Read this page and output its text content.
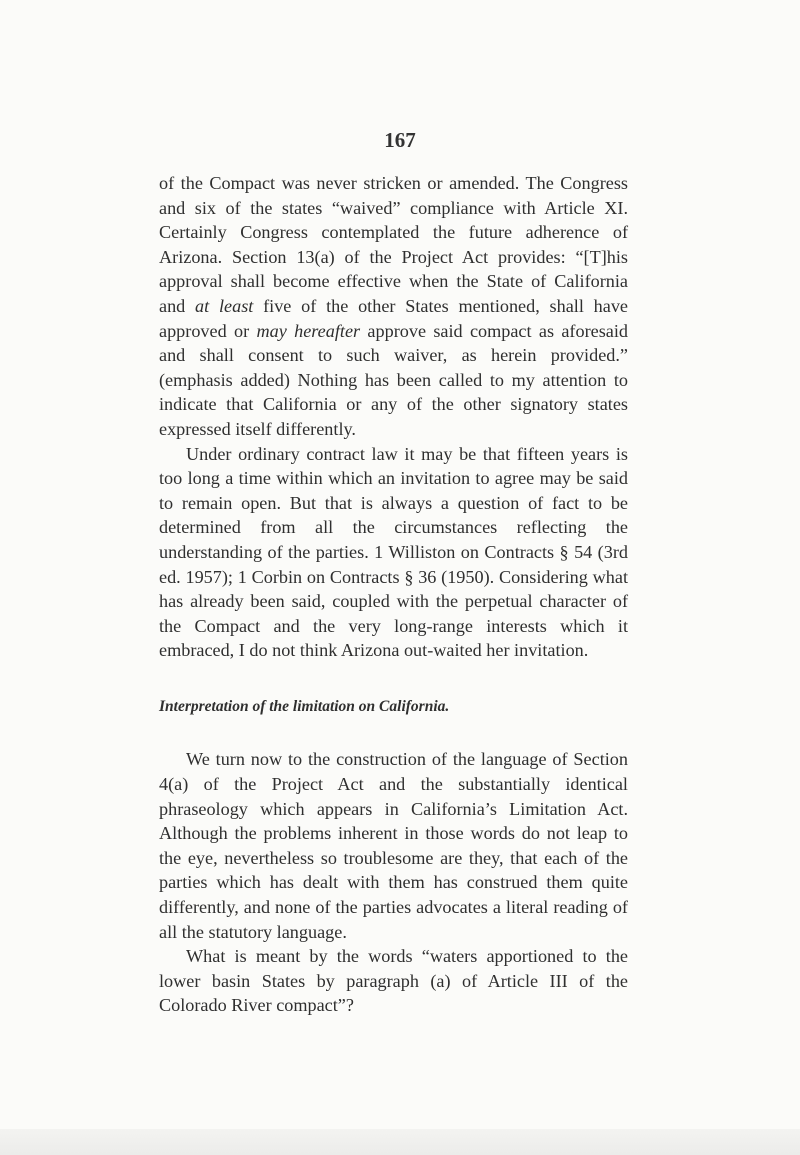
167

of the Compact was never stricken or amended. The Congress and six of the states “waived” compliance with Article XI. Certainly Congress contemplated the future adherence of Arizona. Section 13(a) of the Project Act provides: “[T]his approval shall become effective when the State of California and at least five of the other States mentioned, shall have approved or may hereafter approve said compact as aforesaid and shall consent to such waiver, as herein provided.” (emphasis added) Nothing has been called to my attention to indicate that California or any of the other signatory states expressed itself differently.

Under ordinary contract law it may be that fifteen years is too long a time within which an invitation to agree may be said to remain open. But that is always a question of fact to be determined from all the circumstances reflecting the understanding of the parties. 1 Williston on Contracts § 54 (3rd ed. 1957); 1 Corbin on Contracts § 36 (1950). Considering what has already been said, coupled with the perpetual character of the Compact and the very long-range interests which it embraced, I do not think Arizona out-waited her invitation.

Interpretation of the limitation on California.

We turn now to the construction of the language of Section 4(a) of the Project Act and the substantially identical phraseology which appears in California’s Limitation Act. Although the problems inherent in those words do not leap to the eye, nevertheless so troublesome are they, that each of the parties which has dealt with them has construed them quite differently, and none of the parties advocates a literal reading of all the statutory language.

What is meant by the words “waters apportioned to the lower basin States by paragraph (a) of Article III of the Colorado River compact”?
